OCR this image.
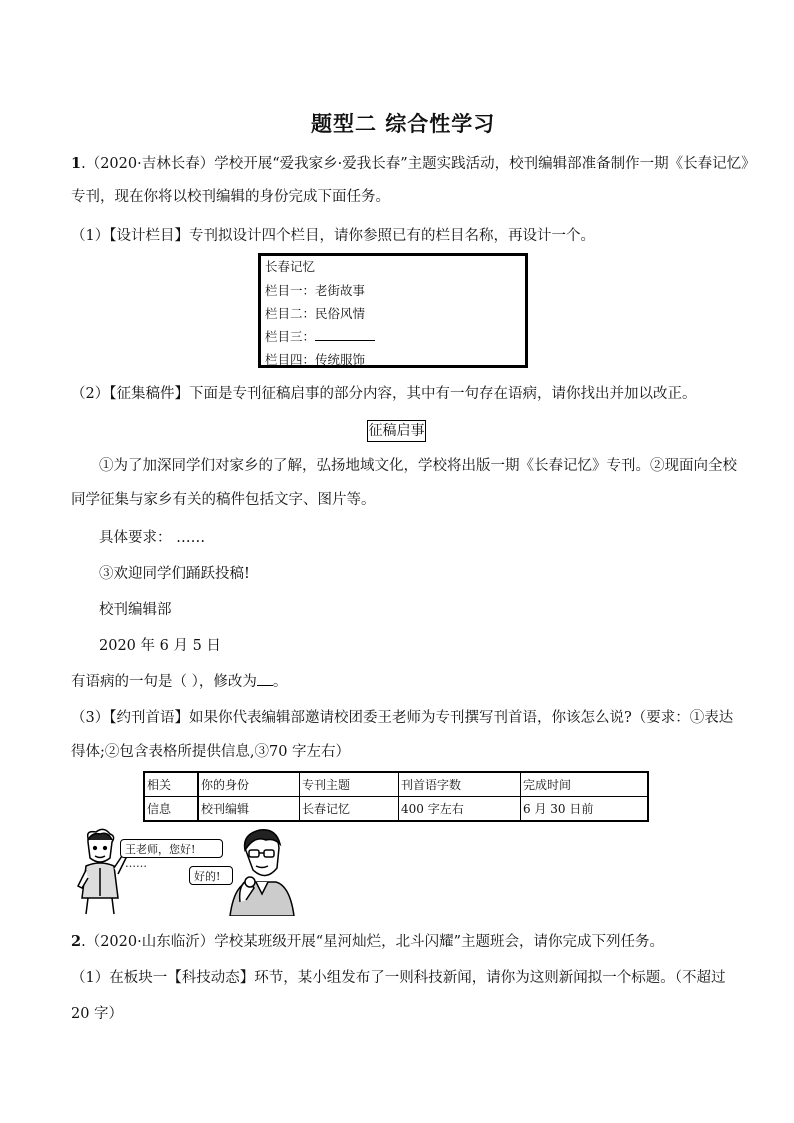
题型二 综合性学习
1.（2020·吉林长春）学校开展“爱我家乡·爱我长春”主题实践活动，校刊编辑部准备制作一期《长春记忆》
专刊，现在你将以校刊编辑的身份完成下面任务。
（1）【设计栏目】专刊拟设计四个栏目，请你参照已有的栏目名称，再设计一个。
长春记忆
栏目一：老街故事
栏目二：民俗风情
栏目三：
栏目四：传统服饰
（2）【征集稿件】下面是专刊征稿启事的部分内容，其中有一句存在语病，请你找出并加以改正。
征稿启事
①为了加深同学们对家乡的了解，弘扬地域文化，学校将出版一期《长春记忆》专刊。②现面向全校
同学征集与家乡有关的稿件包括文字、图片等。
具体要求： ……
③欢迎同学们踊跃投稿!
校刊编辑部
2020 年 6 月 5 日
有语病的一句是（ ），修改为 。
（3）【约刊首语】如果你代表编辑部邀请校团委王老师为专刊撰写刊首语，你该怎么说?（要求：①表达
得体;②包含表格所提供信息,③70 字左右）
相关	你的身份	专刊主题	刊首语字数	完成时间
信息	校刊编辑	长春记忆	400 字左右	6 月 30 日前
王老师，您好! ……
好的!
2.（2020·山东临沂）学校某班级开展“星河灿烂，北斗闪耀”主题班会，请你完成下列任务。
（1）在板块一【科技动态】环节，某小组发布了一则科技新闻，请你为这则新闻拟一个标题。（不超过
20 字）
